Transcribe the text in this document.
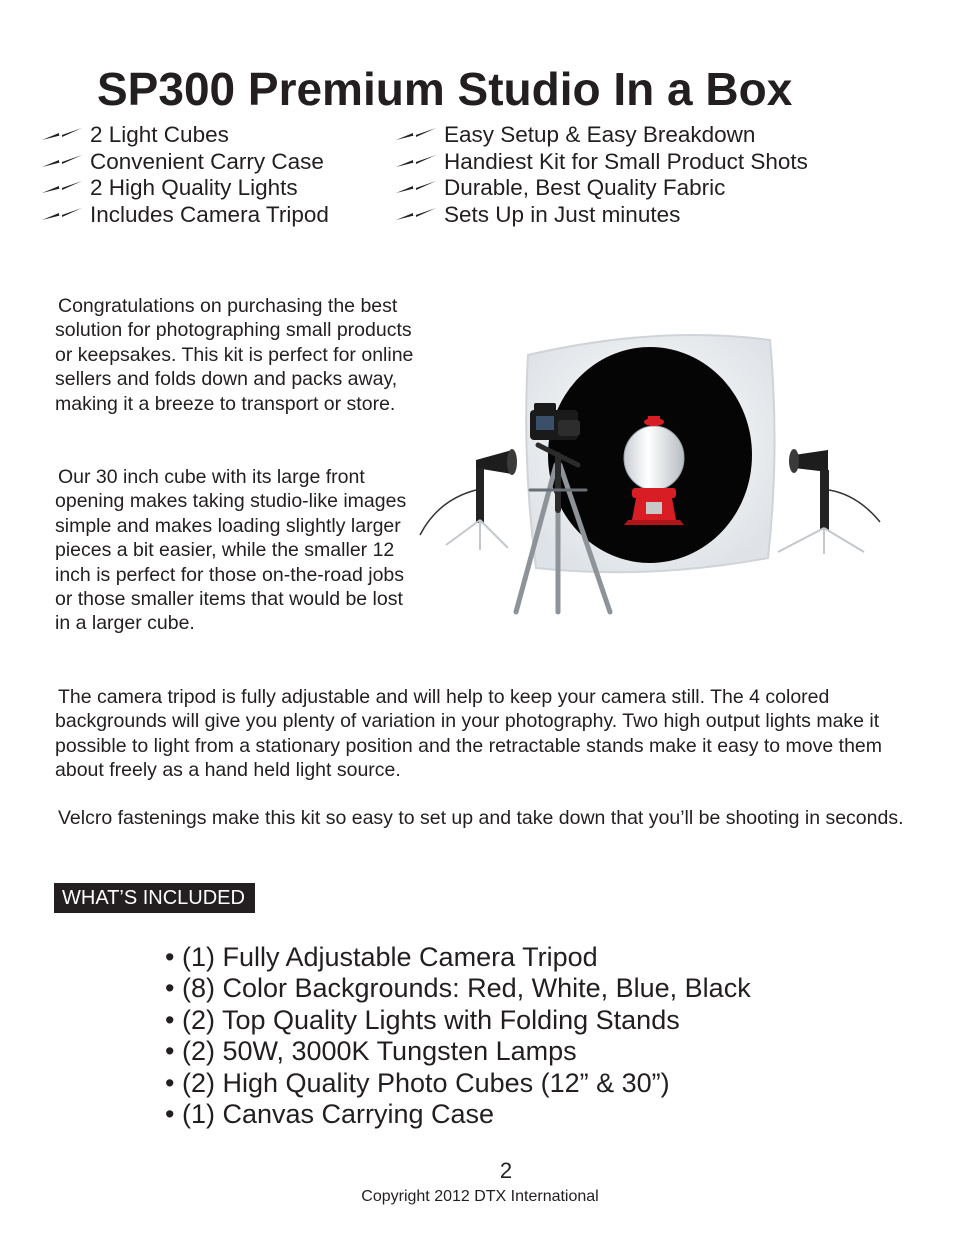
SP300 Premium Studio In a Box
2 Light Cubes
Convenient Carry Case
2 High Quality Lights
Includes Camera Tripod
Easy Setup & Easy Breakdown
Handiest Kit for Small Product Shots
Durable, Best Quality Fabric
Sets Up in Just minutes

Congratulations on purchasing the best solution for photographing small products or keepsakes. This kit is perfect for online sellers and folds down and packs away, making it a breeze to transport or store.

Our 30 inch cube with its large front opening makes taking studio-like images simple and makes loading slightly larger pieces a bit easier, while the smaller 12 inch is perfect for those on-the-road jobs or those smaller items that would be lost in a larger cube.

The camera tripod is fully adjustable and will help to keep your camera still. The 4 colored backgrounds will give you plenty of variation in your photography. Two high output lights make it possible to light from a stationary position and the retractable stands make it easy to move them about freely as a hand held light source.

Velcro fastenings make this kit so easy to set up and take down that you’ll be shooting in seconds.

WHAT’S INCLUDED
• (1) Fully Adjustable Camera Tripod
• (8) Color Backgrounds: Red, White, Blue, Black
• (2) Top Quality Lights with Folding Stands
• (2) 50W, 3000K Tungsten Lamps
• (2) High Quality Photo Cubes (12” & 30”)
• (1) Canvas Carrying Case
2
Copyright 2012 DTX International
